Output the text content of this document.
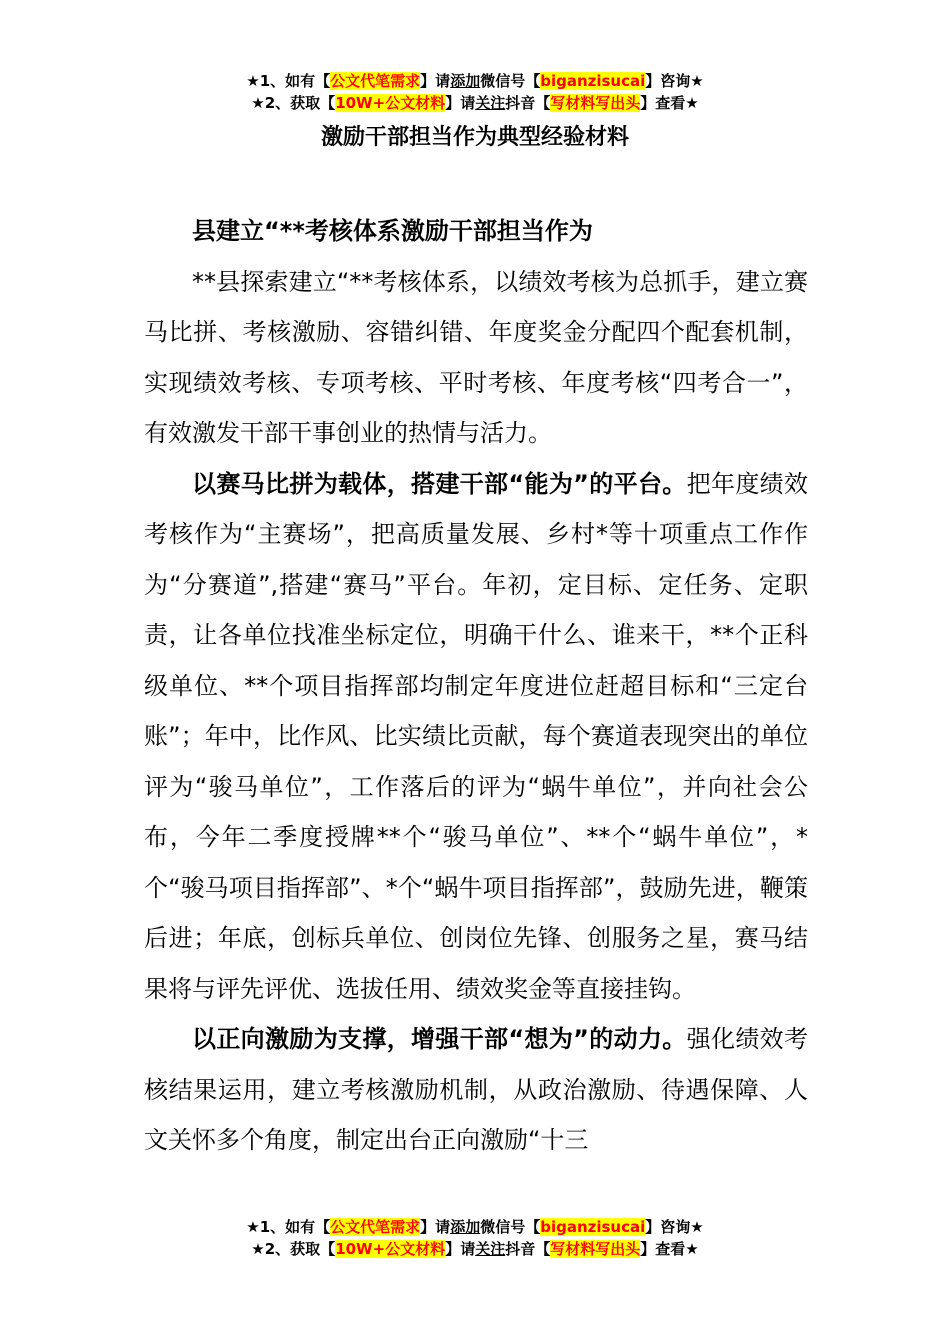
★1、如有【公文代笔需求】请添加微信号【biganzisucai】咨询★
★2、获取【10W+公文材料】请关注抖音【写材料写出头】查看★
激励干部担当作为典型经验材料

县建立“**考核体系激励干部担当作为

**县探索建立“**考核体系，以绩效考核为总抓手，建立赛马比拼、考核激励、容错纠错、年度奖金分配四个配套机制，实现绩效考核、专项考核、平时考核、年度考核“四考合一”，有效激发干部干事创业的热情与活力。

以赛马比拼为载体，搭建干部“能为”的平台。把年度绩效考核作为“主赛场”，把高质量发展、乡村*等十项重点工作作为“分赛道”,搭建“赛马”平台。年初，定目标、定任务、定职责，让各单位找准坐标定位，明确干什么、谁来干，**个正科级单位、**个项目指挥部均制定年度进位赶超目标和“三定台账”；年中，比作风、比实绩比贡献，每个赛道表现突出的单位评为“骏马单位”，工作落后的评为“蜗牛单位”，并向社会公布，今年二季度授牌**个“骏马单位”、**个“蜗牛单位”，*个“骏马项目指挥部”、*个“蜗牛项目指挥部”，鼓励先进，鞭策后进；年底，创标兵单位、创岗位先锋、创服务之星，赛马结果将与评先评优、选拔任用、绩效奖金等直接挂钩。

以正向激励为支撑，增强干部“想为”的动力。强化绩效考核结果运用，建立考核激励机制，从政治激励、待遇保障、人文关怀多个角度，制定出台正向激励“十三

★1、如有【公文代笔需求】请添加微信号【biganzisucai】咨询★
★2、获取【10W+公文材料】请关注抖音【写材料写出头】查看★
